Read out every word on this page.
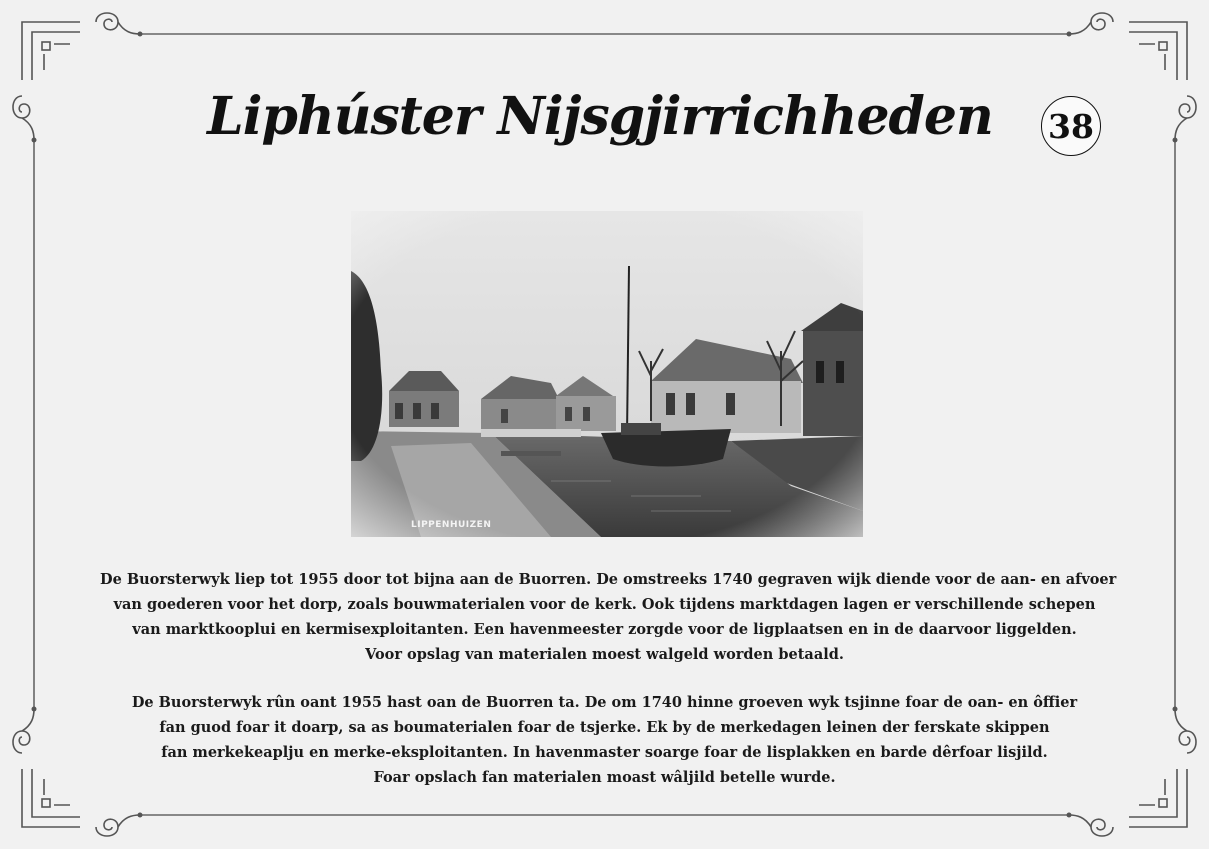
Liphúster Nijsgjirrichheden	38
LIPPENHUIZEN
De Buorsterwyk liep tot 1955 door tot bijna aan de Buorren. De omstreeks 1740 gegraven wijk diende voor de aan- en afvoer
van goederen voor het dorp, zoals bouwmaterialen voor de kerk. Ook tijdens marktdagen lagen er verschillende schepen
van marktkooplui en kermisexploitanten. Een havenmeester zorgde voor de ligplaatsen en in de daarvoor liggelden.
Voor opslag van materialen moest walgeld worden betaald.
De Buorsterwyk rûn oant 1955 hast oan de Buorren ta. De om 1740 hinne groeven wyk tsjinne foar de oan- en ôffier
fan guod foar it doarp, sa as boumaterialen foar de tsjerke. Ek by de merkedagen leinen der ferskate skippen
fan merkekeaplju en merke-eksploitanten. In havenmaster soarge foar de lisplakken en barde dêrfoar lisjild.
Foar opslach fan materialen moast wâljild betelle wurde.
